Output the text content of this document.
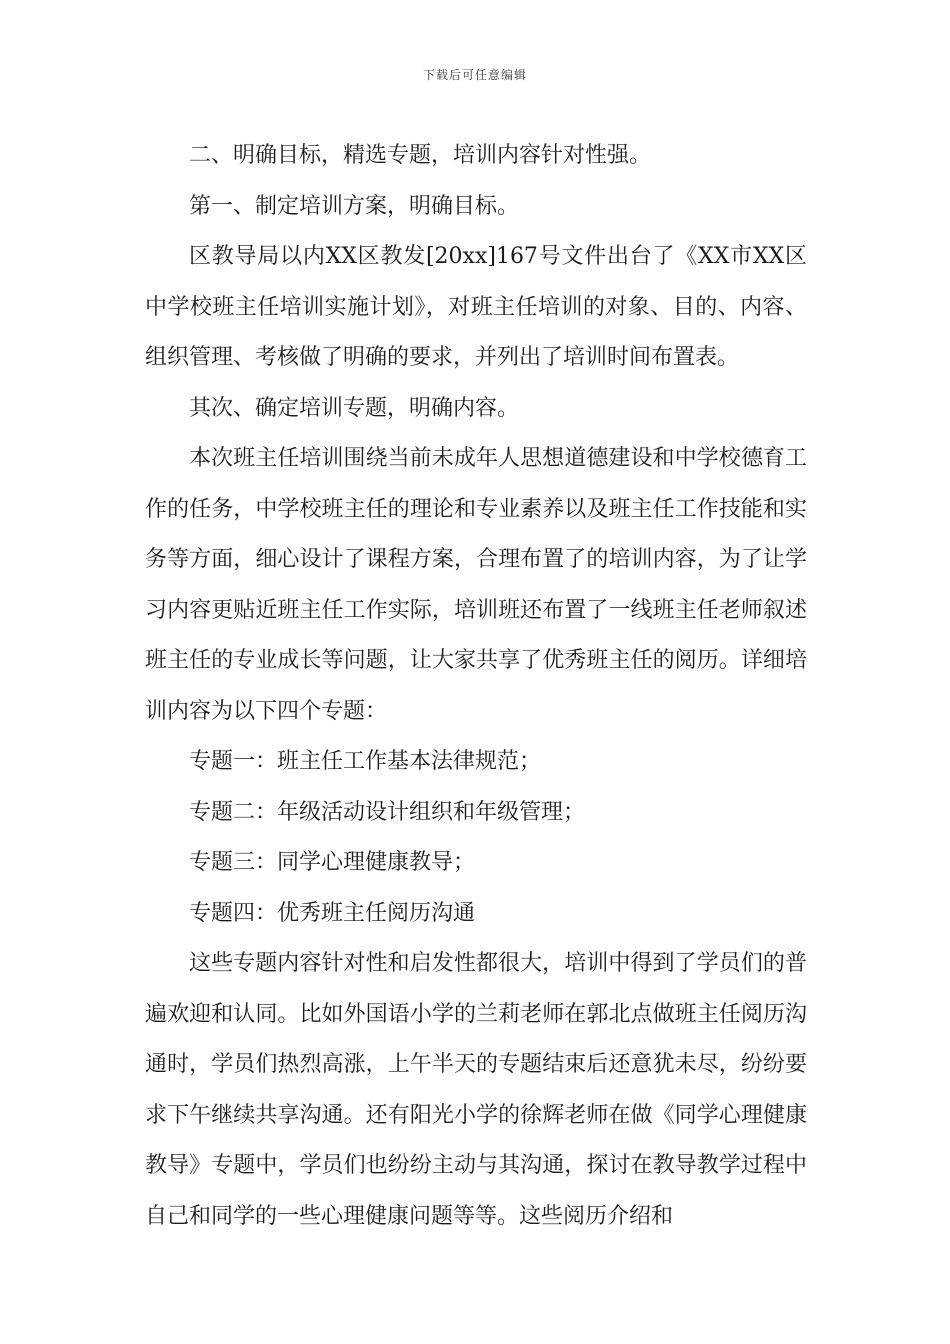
下载后可任意编辑

二、明确目标，精选专题，培训内容针对性强。

第一、制定培训方案，明确目标。

区教导局以内XX区教发[20xx]167号文件出台了《XX市XX区中学校班主任培训实施计划》，对班主任培训的对象、目的、内容、组织管理、考核做了明确的要求，并列出了培训时间布置表。

其次、确定培训专题，明确内容。

本次班主任培训围绕当前未成年人思想道德建设和中学校德育工作的任务，中学校班主任的理论和专业素养以及班主任工作技能和实务等方面，细心设计了课程方案，合理布置了的培训内容，为了让学习内容更贴近班主任工作实际，培训班还布置了一线班主任老师叙述班主任的专业成长等问题，让大家共享了优秀班主任的阅历。详细培训内容为以下四个专题：

专题一：班主任工作基本法律规范；

专题二：年级活动设计组织和年级管理；

专题三：同学心理健康教导；

专题四：优秀班主任阅历沟通

这些专题内容针对性和启发性都很大，培训中得到了学员们的普遍欢迎和认同。比如外国语小学的兰莉老师在郭北点做班主任阅历沟通时，学员们热烈高涨，上午半天的专题结束后还意犹未尽，纷纷要求下午继续共享沟通。还有阳光小学的徐辉老师在做《同学心理健康教导》专题中，学员们也纷纷主动与其沟通，探讨在教导教学过程中自己和同学的一些心理健康问题等等。这些阅历介绍和
